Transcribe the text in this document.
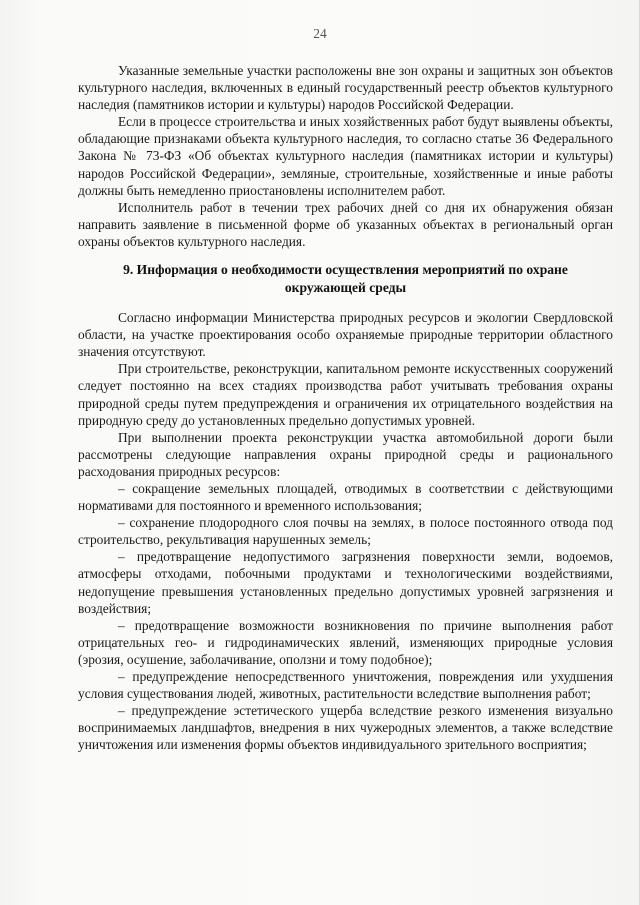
24

Указанные земельные участки расположены вне зон охраны и защитных зон объектов культурного наследия, включенных в единый государственный реестр объектов культурного наследия (памятников истории и культуры) народов Российской Федерации.

Если в процессе строительства и иных хозяйственных работ будут выявлены объекты, обладающие признаками объекта культурного наследия, то согласно статье 36 Федерального Закона № 73-ФЗ «Об объектах культурного наследия (памятниках истории и культуры) народов Российской Федерации», земляные, строительные, хозяйственные и иные работы должны быть немедленно приостановлены исполнителем работ.

Исполнитель работ в течении трех рабочих дней со дня их обнаружения обязан направить заявление в письменной форме об указанных объектах в региональный орган охраны объектов культурного наследия.

9. Информация о необходимости осуществления мероприятий по охране
окружающей среды

Согласно информации Министерства природных ресурсов и экологии Свердловской области, на участке проектирования особо охраняемые природные территории областного значения отсутствуют.

При строительстве, реконструкции, капитальном ремонте искусственных сооружений следует постоянно на всех стадиях производства работ учитывать требования охраны природной среды путем предупреждения и ограничения их отрицательного воздействия на природную среду до установленных предельно допустимых уровней.

При выполнении проекта реконструкции участка автомобильной дороги были рассмотрены следующие направления охраны природной среды и рационального расходования природных ресурсов:

– сокращение земельных площадей, отводимых в соответствии с действующими нормативами для постоянного и временного использования;

– сохранение плодородного слоя почвы на землях, в полосе постоянного отвода под строительство, рекультивация нарушенных земель;

– предотвращение недопустимого загрязнения поверхности земли, водоемов, атмосферы отходами, побочными продуктами и технологическими воздействиями, недопущение превышения установленных предельно допустимых уровней загрязнения и воздействия;

– предотвращение возможности возникновения по причине выполнения работ отрицательных гео- и гидродинамических явлений, изменяющих природные условия (эрозия, осушение, заболачивание, оползни и тому подобное);

– предупреждение непосредственного уничтожения, повреждения или ухудшения условия существования людей, животных, растительности вследствие выполнения работ;

– предупреждение эстетического ущерба вследствие резкого изменения визуально воспринимаемых ландшафтов, внедрения в них чужеродных элементов, а также вследствие уничтожения или изменения формы объектов индивидуального зрительного восприятия;
